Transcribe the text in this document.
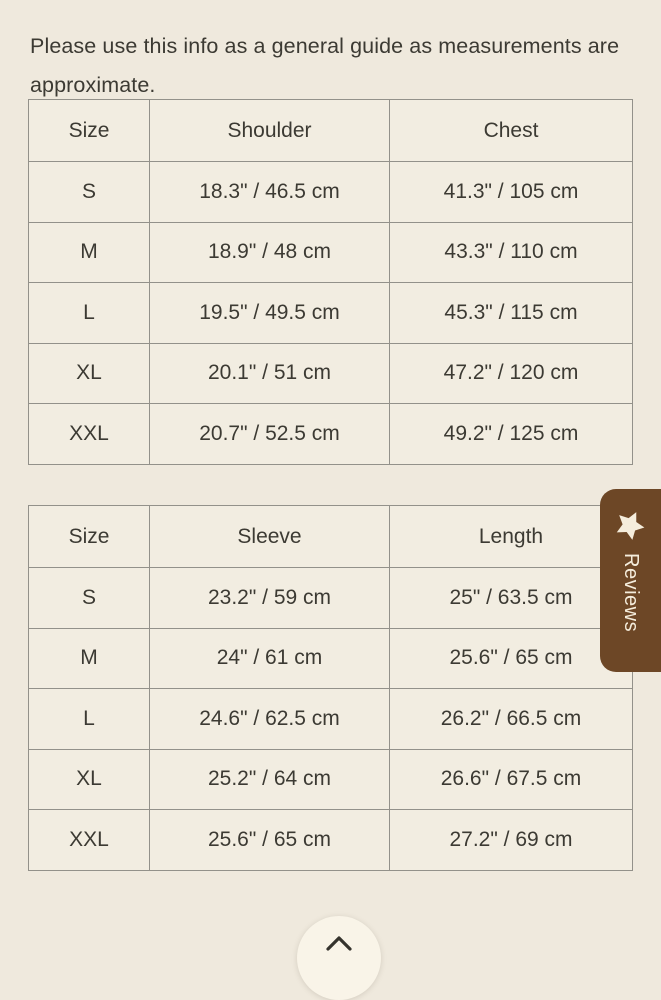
Please use this info as a general guide as measurements are approximate.

Size	Shoulder	Chest
S	18.3" / 46.5 cm	41.3" / 105 cm
M	18.9" / 48 cm	43.3" / 110 cm
L	19.5" / 49.5 cm	45.3" / 115 cm
XL	20.1" / 51 cm	47.2" / 120 cm
XXL	20.7" / 52.5 cm	49.2" / 125 cm
Size	Sleeve	Length
S	23.2" / 59 cm	25" / 63.5 cm
M	24" / 61 cm	25.6" / 65 cm
L	24.6" / 62.5 cm	26.2" / 66.5 cm
XL	25.2" / 64 cm	26.6" / 67.5 cm
XXL	25.6" / 65 cm	27.2" / 69 cm
Reviews
